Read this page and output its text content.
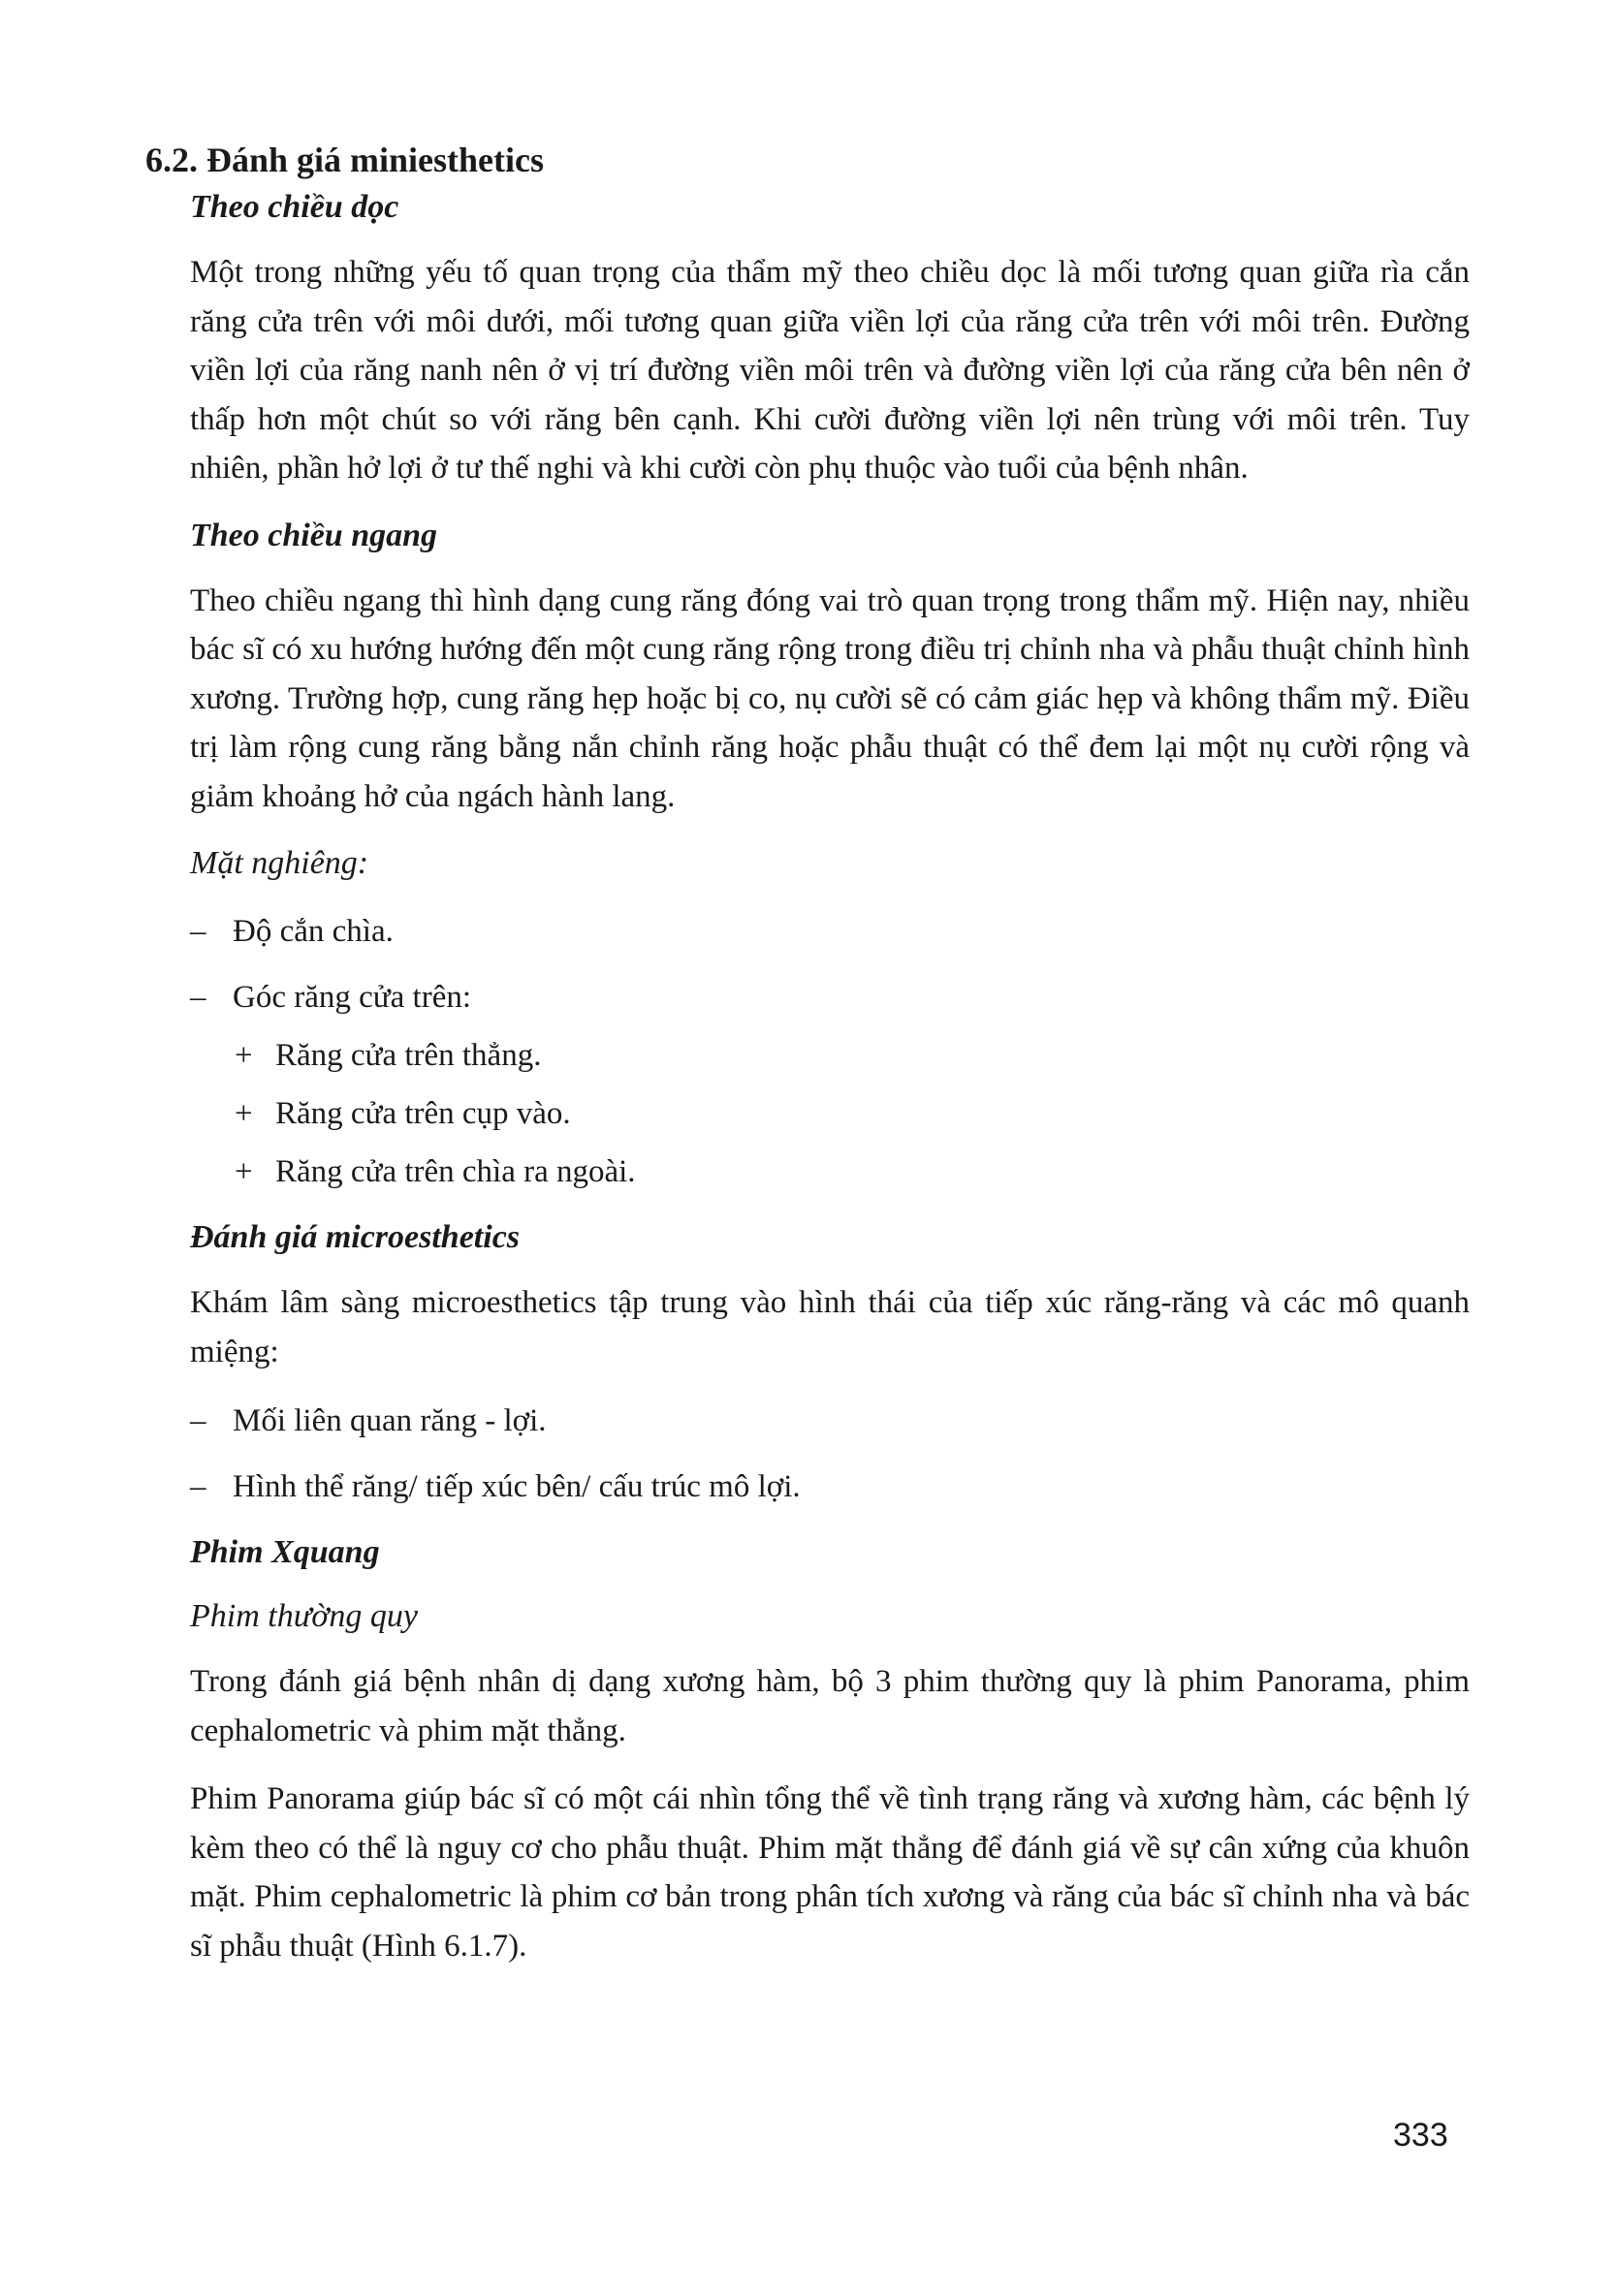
6.2. Đánh giá miniesthetics
Theo chiều dọc

Một trong những yếu tố quan trọng của thẩm mỹ theo chiều dọc là mối tương quan giữa rìa cắn răng cửa trên với môi dưới, mối tương quan giữa viền lợi của răng cửa trên với môi trên. Đường viền lợi của răng nanh nên ở vị trí đường viền môi trên và đường viền lợi của răng cửa bên nên ở thấp hơn một chút so với răng bên cạnh. Khi cười đường viền lợi nên trùng với môi trên. Tuy nhiên, phần hở lợi ở tư thế nghi và khi cười còn phụ thuộc vào tuổi của bệnh nhân.

Theo chiều ngang

Theo chiều ngang thì hình dạng cung răng đóng vai trò quan trọng trong thẩm mỹ. Hiện nay, nhiều bác sĩ có xu hướng hướng đến một cung răng rộng trong điều trị chỉnh nha và phẫu thuật chỉnh hình xương. Trường hợp, cung răng hẹp hoặc bị co, nụ cười sẽ có cảm giác hẹp và không thẩm mỹ. Điều trị làm rộng cung răng bằng nắn chỉnh răng hoặc phẫu thuật có thể đem lại một nụ cười rộng và giảm khoảng hở của ngách hành lang.

Mặt nghiêng:
– Độ cắn chìa.
– Góc răng cửa trên:
+ Răng cửa trên thẳng.
+ Răng cửa trên cụp vào.
+ Răng cửa trên chìa ra ngoài.
Đánh giá microesthetics

Khám lâm sàng microesthetics tập trung vào hình thái của tiếp xúc răng-răng và các mô quanh miệng:

– Mối liên quan răng - lợi.
– Hình thể răng/ tiếp xúc bên/ cấu trúc mô lợi.
Phim Xquang
Phim thường quy

Trong đánh giá bệnh nhân dị dạng xương hàm, bộ 3 phim thường quy là phim Panorama, phim cephalometric và phim mặt thẳng.

Phim Panorama giúp bác sĩ có một cái nhìn tổng thể về tình trạng răng và xương hàm, các bệnh lý kèm theo có thể là nguy cơ cho phẫu thuật. Phim mặt thẳng để đánh giá về sự cân xứng của khuôn mặt. Phim cephalometric là phim cơ bản trong phân tích xương và răng của bác sĩ chỉnh nha và bác sĩ phẫu thuật (Hình 6.1.7).

333
